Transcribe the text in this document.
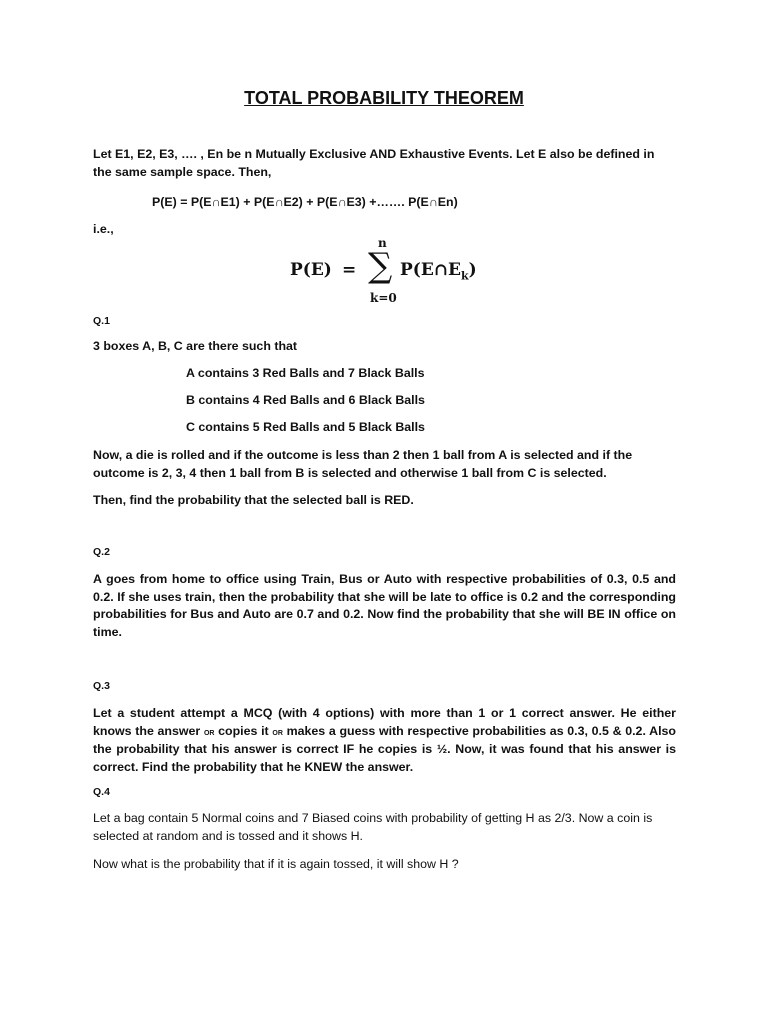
TOTAL PROBABILITY THEOREM

Let E1, E2, E3, …. , En be n Mutually Exclusive AND Exhaustive Events. Let E also be defined in the same sample space. Then,

P(E) = P(E∩E1) + P(E∩E2) + P(E∩E3) +……. P(E∩En)

i.e.,

P(E) =
n
∑
k=0
$P(E\cap E_k)$

Q.1

3 boxes A, B, C are there such that

A contains 3 Red Balls and 7 Black Balls

B contains 4 Red Balls and 6 Black Balls

C contains 5 Red Balls and 5 Black Balls

Now, a die is rolled and if the outcome is less than 2 then 1 ball from A is selected and if the outcome is 2, 3, 4 then 1 ball from B is selected and otherwise 1 ball from C is selected.

Then, find the probability that the selected ball is RED.

Q.2

A goes from home to office using Train, Bus or Auto with respective probabilities of 0.3, 0.5 and 0.2. If she uses train, then the probability that she will be late to office is 0.2 and the corresponding probabilities for Bus and Auto are 0.7 and 0.2. Now find the probability that she will BE IN office on time.

Q.3

Let a student attempt a MCQ (with 4 options) with more than 1 or 1 correct answer. He either knows the answer or copies it or makes a guess with respective probabilities as 0.3, 0.5 & 0.2. Also the probability that his answer is correct IF he copies is ½. Now, it was found that his answer is correct. Find the probability that he KNEW the answer.

Q.4

Let a bag contain 5 Normal coins and 7 Biased coins with probability of getting H as 2/3. Now a coin is selected at random and is tossed and it shows H.

Now what is the probability that if it is again tossed, it will show H ?
